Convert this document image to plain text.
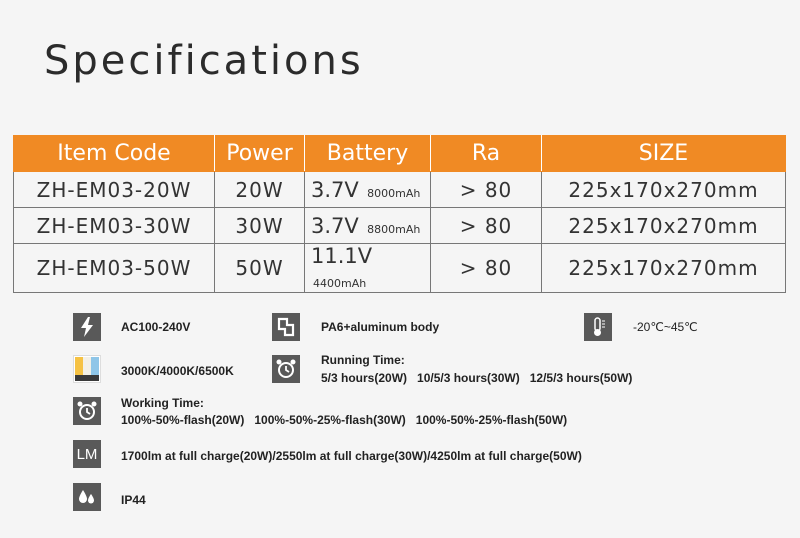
Specifications
Item Code	Power	Battery	Ra	SIZE
ZH-EM03-20W	20W	3.7V 8000mAh	> 80	225x170x270mm
ZH-EM03-30W	30W	3.7V 8800mAh	> 80	225x170x270mm
ZH-EM03-50W	50W	11.1V 4400mAh	> 80	225x170x270mm
AC100-240V	PA6+aluminum body	-20℃~45℃
3000K/4000K/6500K
Running Time:
5/3 hours(20W)   10/5/3 hours(30W)   12/5/3 hours(50W)
Working Time:
100%-50%-flash(20W)   100%-50%-25%-flash(30W)   100%-50%-25%-flash(50W)
LM 1700lm at full charge(20W)/2550lm at full charge(30W)/4250lm at full charge(50W)
IP44
